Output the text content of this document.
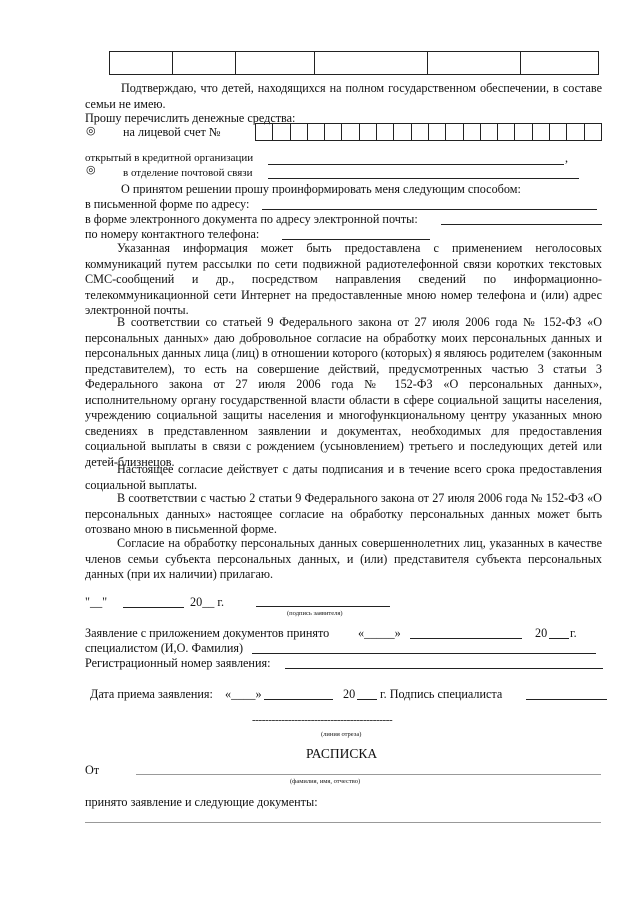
Подтверждаю, что детей, находящихся на полном государственном обеспечении, в составе семьи не имею.
Прошу перечислить денежные средства:
◎ на лицевой счет №

открытый в кредитной организации	,
◎ в отделение почтовой связи
О принятом решении прошу проинформировать меня следующим способом:
в письменной форме по адресу:
в форме электронного документа по адресу электронной почты:
по номеру контактного телефона:
Указанная информация может быть предоставлена с применением неголосовых коммуникаций путем рассылки по сети подвижной радиотелефонной связи коротких текстовых СМС-сообщений и др., посредством направления сведений по информационно-телекоммуникационной сети Интернет на предоставленные мною номер телефона и (или) адрес электронной почты.
В соответствии со статьей 9 Федерального закона от 27 июля 2006 года № 152-ФЗ «О персональных данных» даю добровольное согласие на обработку моих персональных данных и персональных данных лица (лиц) в отношении которого (которых) я являюсь родителем (законным представителем), то есть на совершение действий, предусмотренных частью 3 статьи 3 Федерального закона от 27 июля 2006 года № 152-ФЗ «О персональных данных», исполнительному органу государственной власти области в сфере социальной защиты населения, учреждению социальной защиты населения и многофункциональному центру указанных мною сведениях в представленном заявлении и документах, необходимых для предоставления социальной выплаты в связи с рождением (усыновлением) третьего и последующих детей или детей-близнецов.
Настоящее согласие действует с даты подписания и в течение всего срока предоставления социальной выплаты.
В соответствии с частью 2 статьи 9 Федерального закона от 27 июля 2006 года № 152-ФЗ «О персональных данных» настоящее согласие на обработку персональных данных может быть отозвано мною в письменной форме.
Согласие на обработку персональных данных совершеннолетних лиц, указанных в качестве членов семьи субъекта персональных данных, и (или) представителя субъекта персональных данных (при их наличии) прилагаю.
"__"	20__ г.
(подпись заявителя)
Заявление с приложением документов принято «_____»	20 г.
специалистом (И,О. Фамилия)
Регистрационный номер заявления:
Дата приема заявления: «____»	20 г. Подпись специалиста
-------------------------------------------
(линия отреза)
РАСПИСКА
От
(фамилия, имя, отчество)
принято заявление и следующие документы:
